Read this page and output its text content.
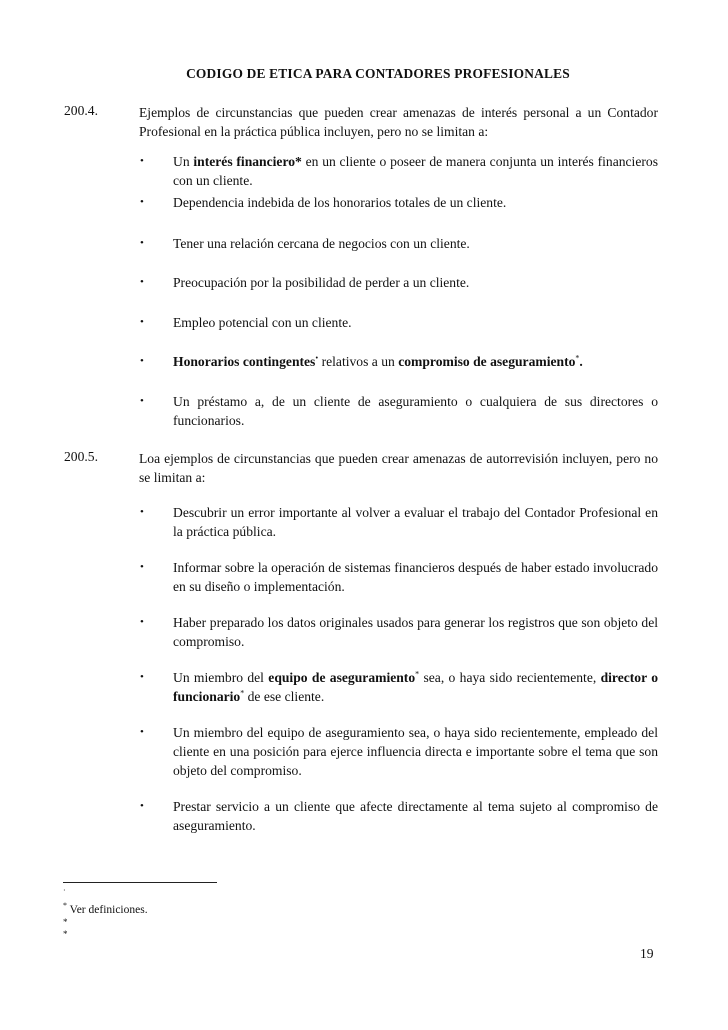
CODIGO DE ETICA PARA CONTADORES PROFESIONALES
200.4.	Ejemplos de circunstancias que pueden crear amenazas de interés personal a un Contador Profesional en la práctica pública incluyen, pero no se limitan a:
• Un interés financiero* en un cliente o poseer de manera conjunta un interés financieros con un cliente.
• Dependencia indebida de los honorarios totales de un cliente.
• Tener una relación cercana de negocios con un cliente.
• Preocupación por la posibilidad de perder a un cliente.
• Empleo potencial con un cliente.
• Honorarios contingentes• relativos a un compromiso de aseguramiento*.
• Un préstamo a, de un cliente de aseguramiento o cualquiera de sus directores o funcionarios.
200.5.	Loa ejemplos de circunstancias que pueden crear amenazas de autorrevisión incluyen, pero no se limitan a:
• Descubrir un error importante al volver a evaluar el trabajo del Contador Profesional en la práctica pública.
• Informar sobre la operación de sistemas financieros después de haber estado involucrado en su diseño o implementación.
• Haber preparado los datos originales usados para generar los registros que son objeto del compromiso.
• Un miembro del equipo de aseguramiento* sea, o haya sido recientemente, director o funcionario* de ese cliente.
• Un miembro del equipo de aseguramiento sea, o haya sido recientemente, empleado del cliente en una posición para ejerce influencia directa e importante sobre el tema que son objeto del compromiso.
• Prestar servicio a un cliente que afecte directamente al tema sujeto al compromiso de aseguramiento.
·
* Ver definiciones.
*
*
19
